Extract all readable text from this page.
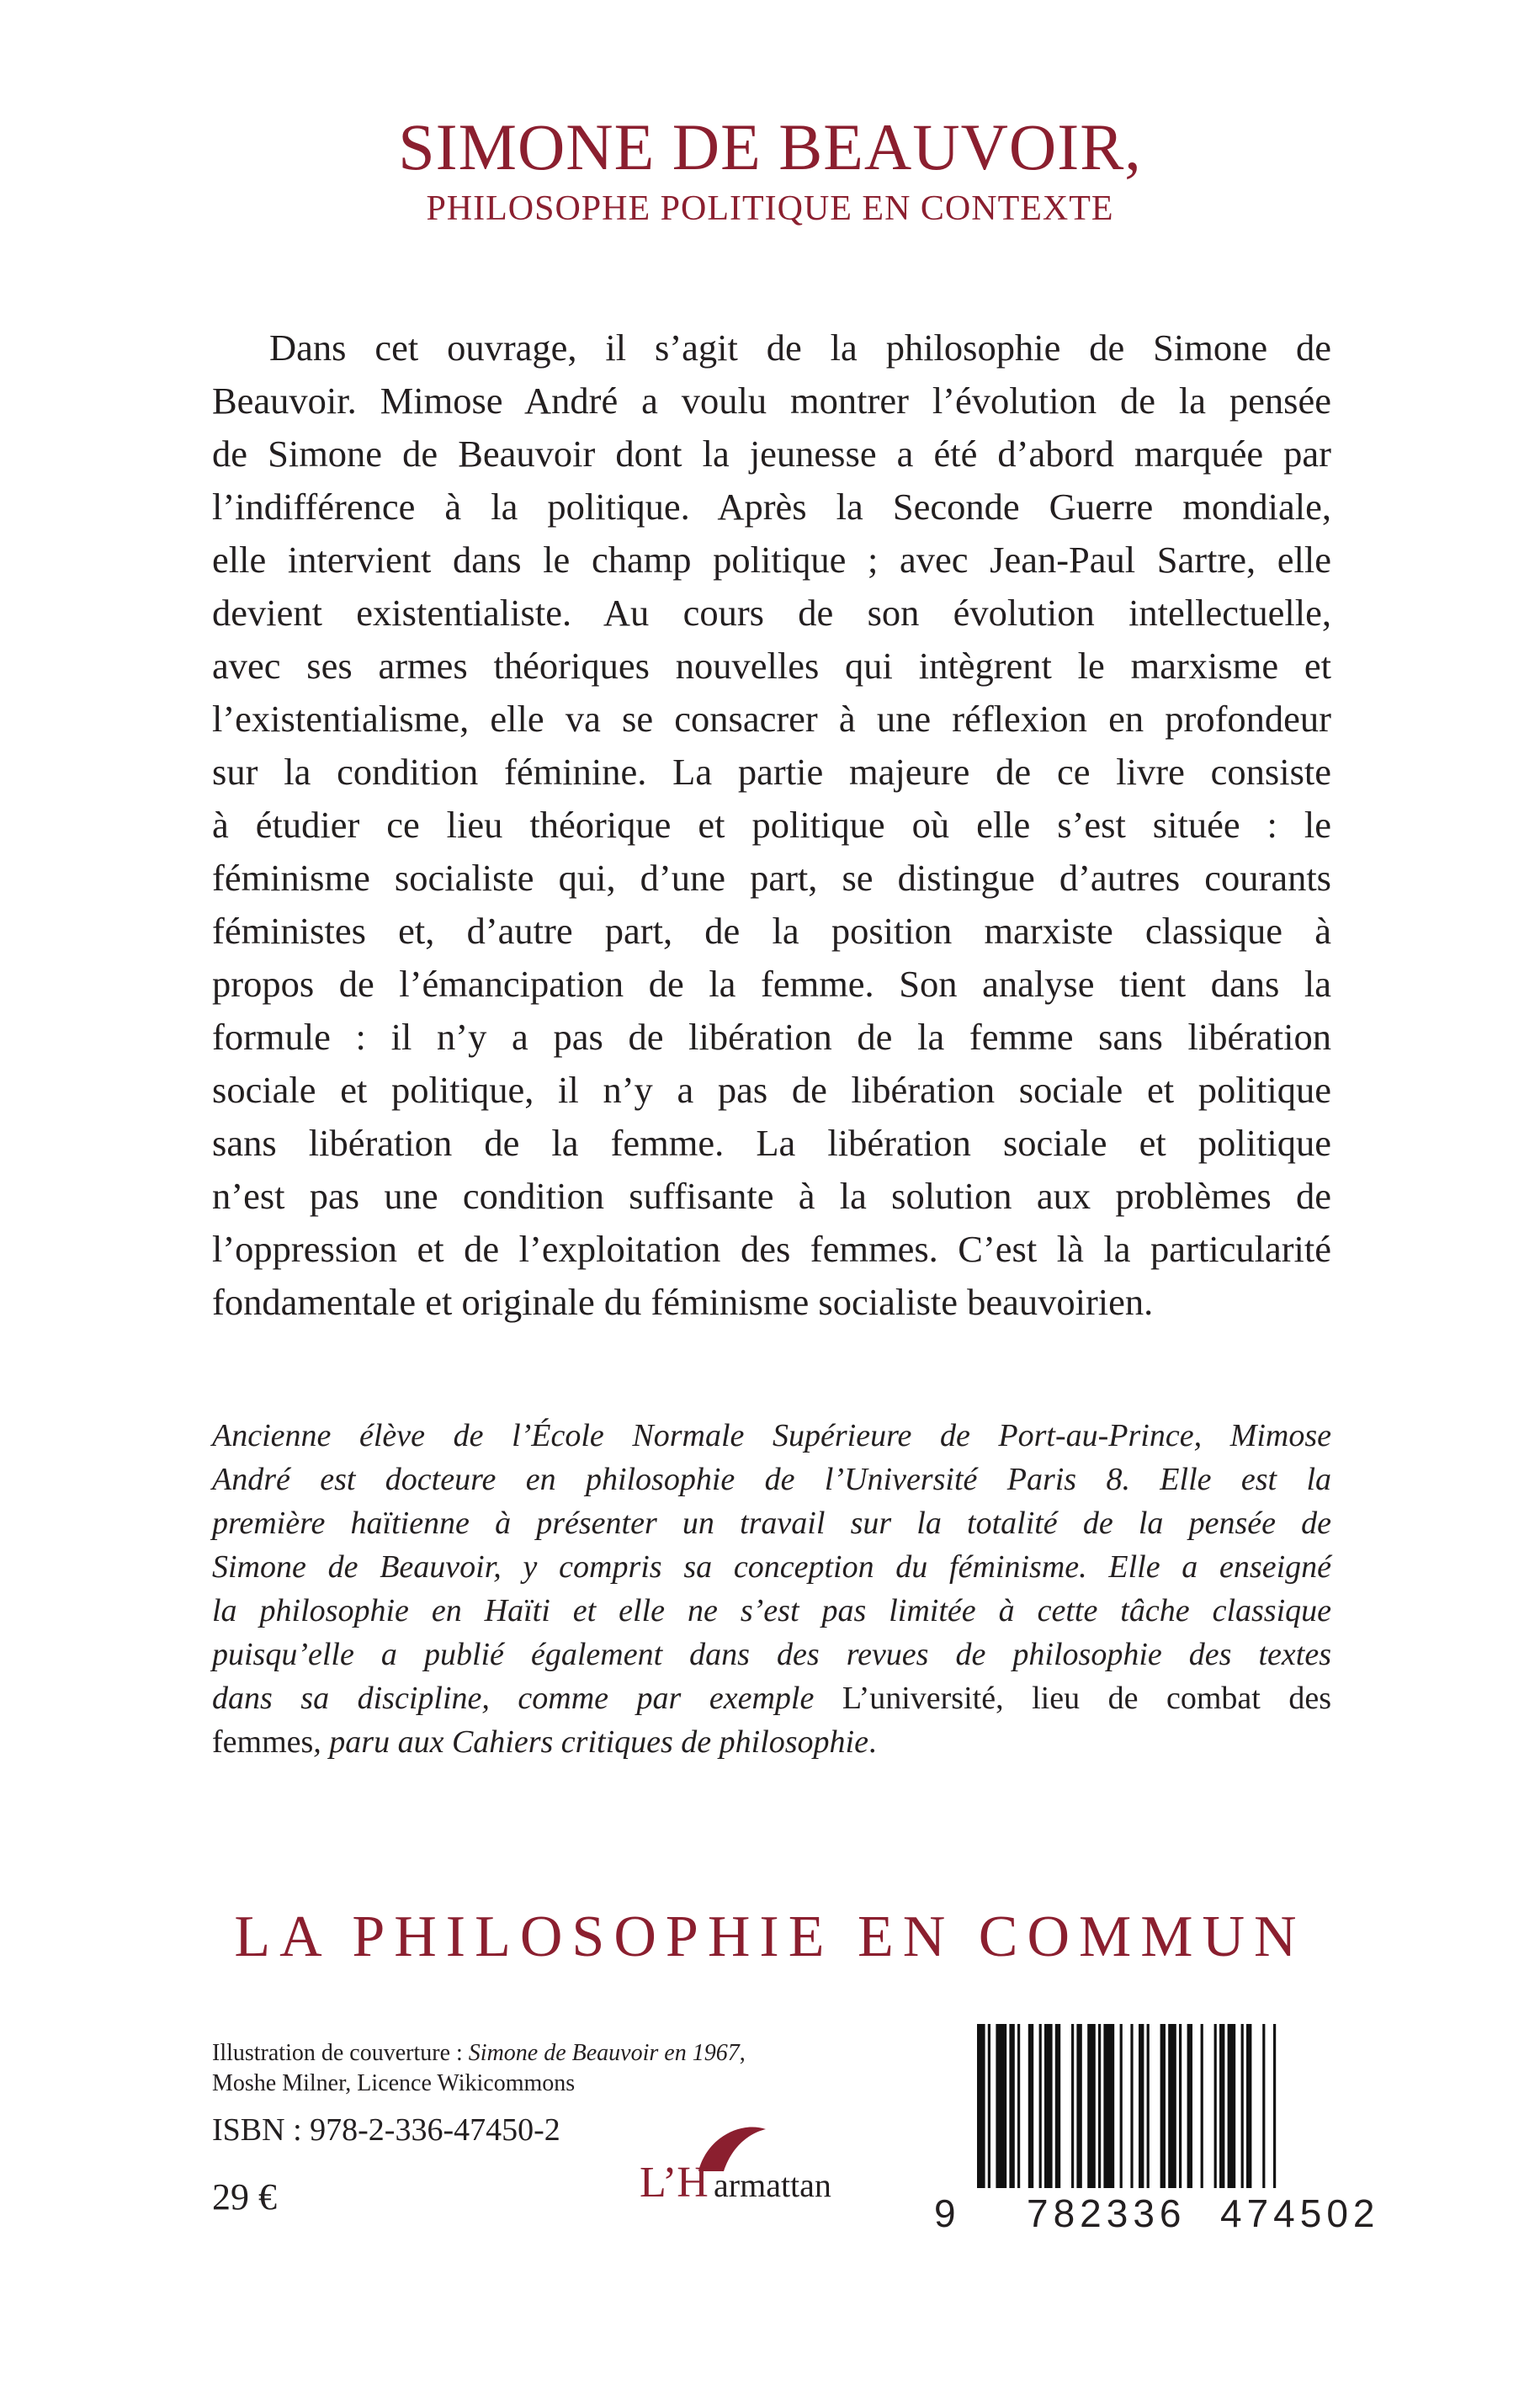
SIMONE DE BEAUVOIR,
PHILOSOPHE POLITIQUE EN CONTEXTE
Dans cet ouvrage, il s’agit de la philosophie de Simone de
Beauvoir. Mimose André a voulu montrer l’évolution de la pensée
de Simone de Beauvoir dont la jeunesse a été d’abord marquée par
l’indifférence à la politique. Après la Seconde Guerre mondiale,
elle intervient dans le champ politique ; avec Jean-Paul Sartre, elle
devient existentialiste. Au cours de son évolution intellectuelle,
avec ses armes théoriques nouvelles qui intègrent le marxisme et
l’existentialisme, elle va se consacrer à une réflexion en profondeur
sur la condition féminine. La partie majeure de ce livre consiste
à étudier ce lieu théorique et politique où elle s’est située : le
féminisme socialiste qui, d’une part, se distingue d’autres courants
féministes et, d’autre part, de la position marxiste classique à
propos de l’émancipation de la femme. Son analyse tient dans la
formule : il n’y a pas de libération de la femme sans libération
sociale et politique, il n’y a pas de libération sociale et politique
sans libération de la femme. La libération sociale et politique
n’est pas une condition suffisante à la solution aux problèmes de
l’oppression et de l’exploitation des femmes. C’est là la particularité
fondamentale et originale du féminisme socialiste beauvoirien.
Ancienne élève de l’École Normale Supérieure de Port-au-Prince, Mimose
André est docteure en philosophie de l’Université Paris 8. Elle est la
première haïtienne à présenter un travail sur la totalité de la pensée de
Simone de Beauvoir, y compris sa conception du féminisme. Elle a enseigné
la philosophie en Haïti et elle ne s’est pas limitée à cette tâche classique
puisqu’elle a publié également dans des revues de philosophie des textes
dans sa discipline, comme par exemple L’université, lieu de combat des
femmes, paru aux Cahiers critiques de philosophie.
LA PHILOSOPHIE EN COMMUN
Illustration de couverture : Simone de Beauvoir en 1967,
Moshe Milner, Licence Wikicommons
ISBN : 978-2-336-47450-2
29 €	L’H armattan
9 782336 474502
